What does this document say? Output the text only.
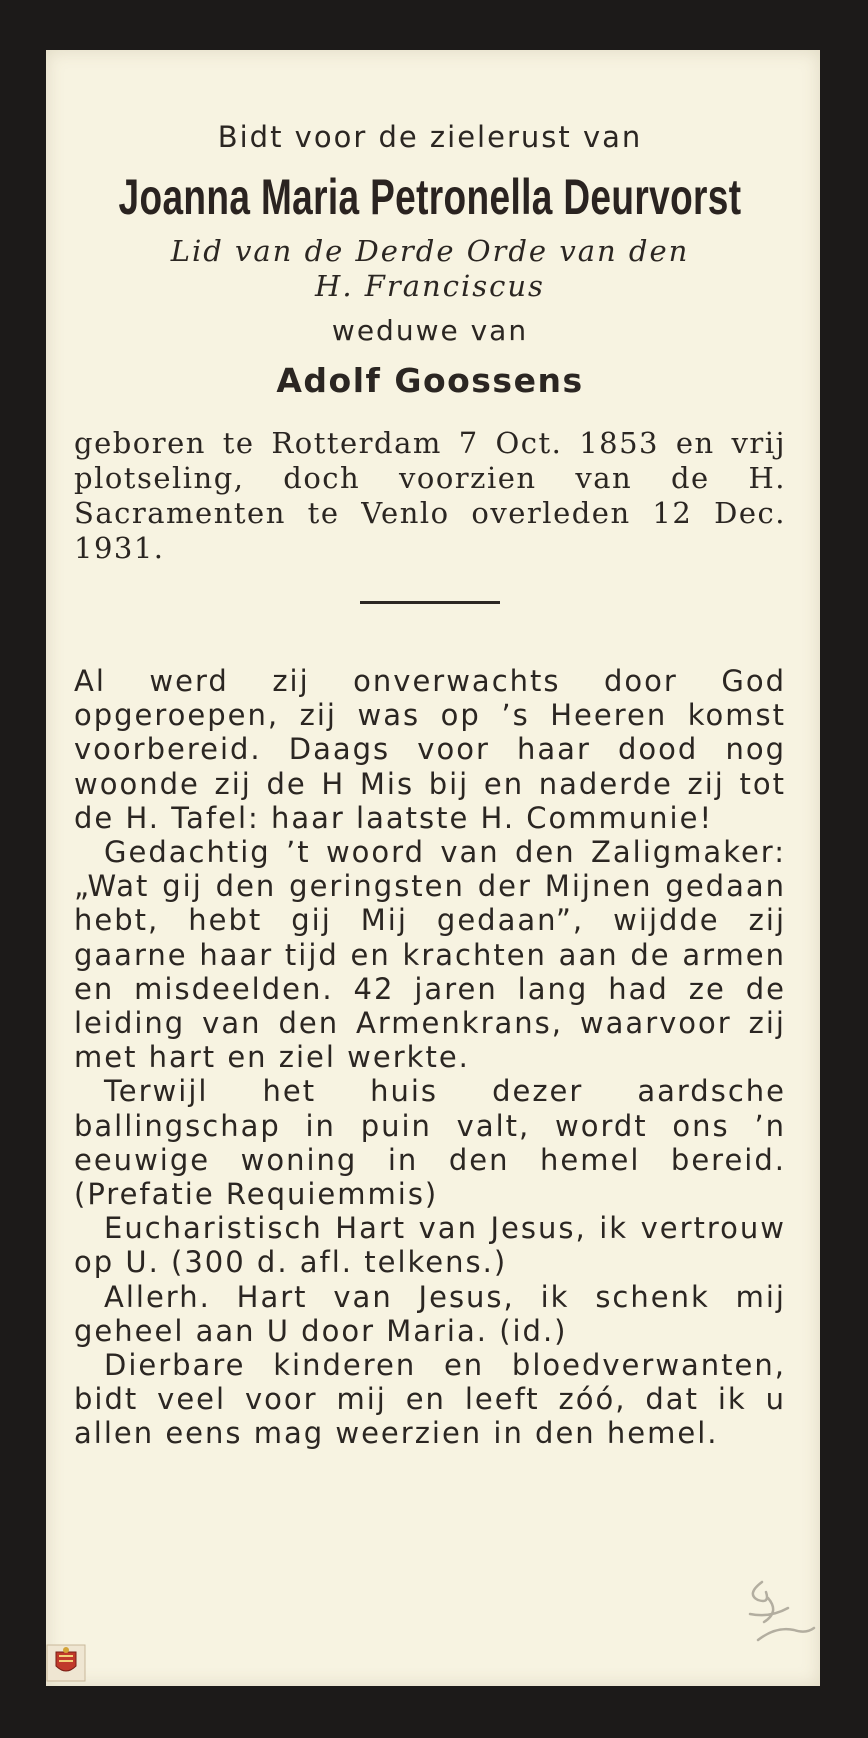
Bidt voor de zielerust van
Joanna Maria Petronella Deurvorst
Lid van de Derde Orde van den
H. Franciscus
weduwe van
Adolf Goossens

geboren te Rotterdam 7 Oct. 1853 en vrij plotseling, doch voorzien van de H. Sacramenten te Venlo overleden 12 Dec. 1931.

Al werd zij onverwachts door God opgeroepen, zij was op ’s Heeren komst voorbereid. Daags voor haar dood nog woonde zij de H Mis bij en naderde zij tot de H. Tafel: haar laatste H. Communie!

Gedachtig ’t woord van den Zaligmaker: „Wat gij den geringsten der Mijnen gedaan hebt, hebt gij Mij gedaan”, wijdde zij gaarne haar tijd en krachten aan de armen en misdeelden. 42 jaren lang had ze de leiding van den Armenkrans, waarvoor zij met hart en ziel werkte.

Terwijl het huis dezer aardsche ballingschap in puin valt, wordt ons ’n eeuwige woning in den hemel bereid. (Prefatie Requiemmis)

Eucharistisch Hart van Jesus, ik vertrouw op U. (300 d. afl. telkens.)

Allerh. Hart van Jesus, ik schenk mij geheel aan U door Maria. (id.)

Dierbare kinderen en bloedverwanten, bidt veel voor mij en leeft zóó, dat ik u allen eens mag weerzien in den hemel.
